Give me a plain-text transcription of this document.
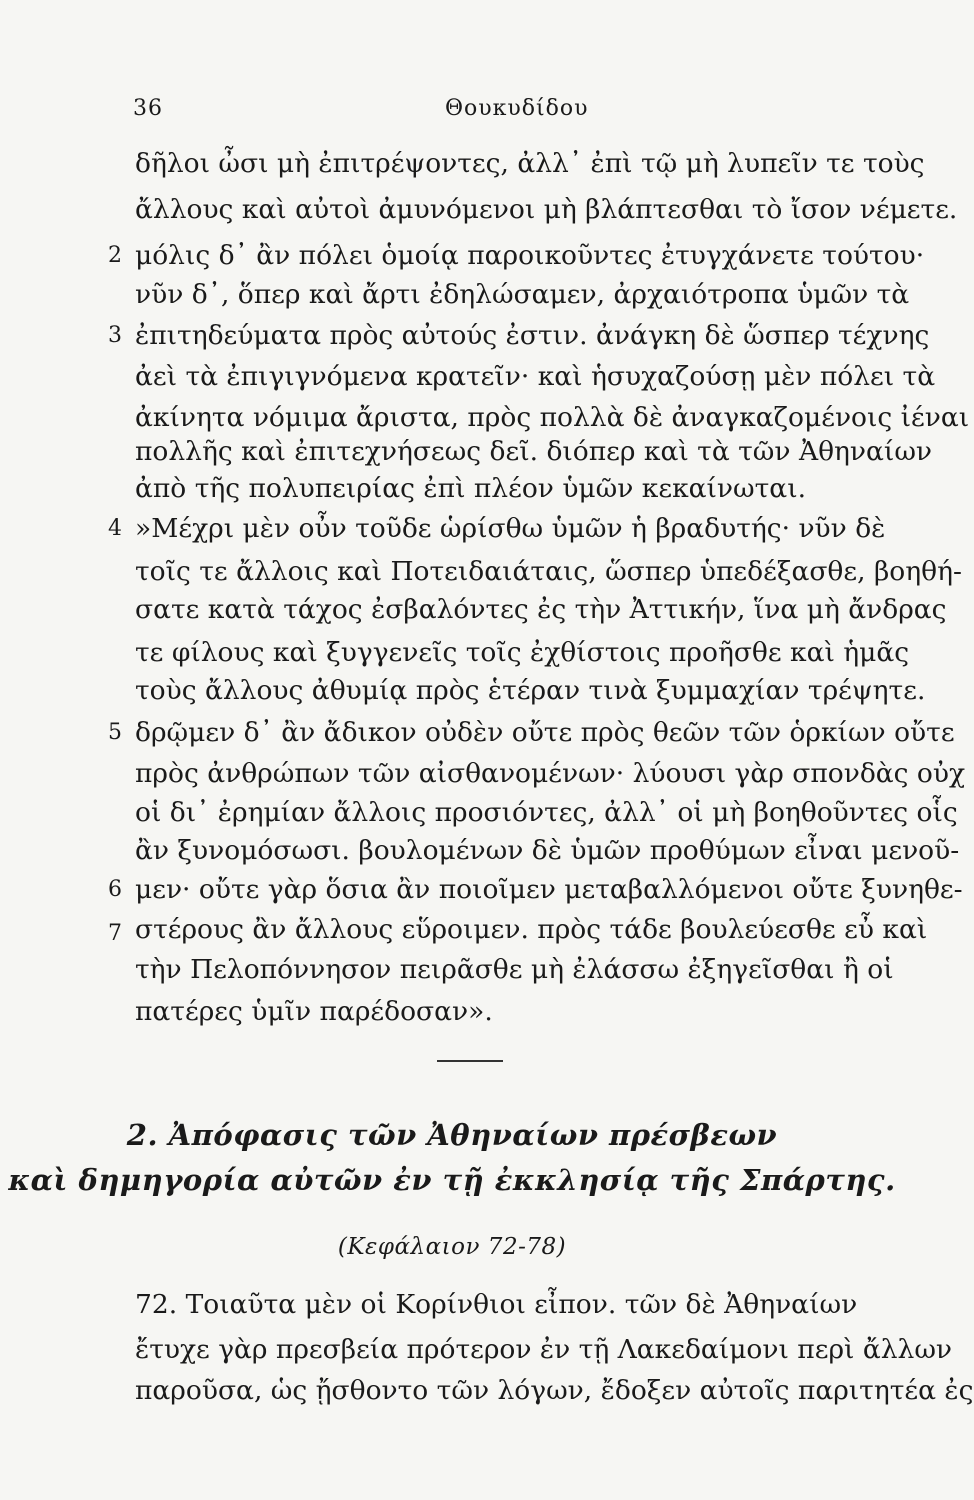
36	Θουκυδίδου
δῆλοι ὦσι μὴ ἐπιτρέψοντες, ἀλλ᾽ ἐπὶ τῷ μὴ λυπεῖν τε τοὺς
ἄλλους καὶ αὐτοὶ ἀμυνόμενοι μὴ βλάπτεσθαι τὸ ἴσον νέμετε.
2 μόλις δ᾽ ἂν πόλει ὁμοίᾳ παροικοῦντες ἐτυγχάνετε τούτου·
νῦν δ᾽, ὅπερ καὶ ἄρτι ἐδηλώσαμεν, ἀρχαιότροπα ὑμῶν τὰ
3 ἐπιτηδεύματα πρὸς αὐτούς ἐστιν. ἀνάγκη δὲ ὥσπερ τέχνης
ἀεὶ τὰ ἐπιγιγνόμενα κρατεῖν· καὶ ἡσυχαζούσῃ μὲν πόλει τὰ
ἀκίνητα νόμιμα ἄριστα, πρὸς πολλὰ δὲ ἀναγκαζομένοις ἰέναι
πολλῆς καὶ ἐπιτεχνήσεως δεῖ. διόπερ καὶ τὰ τῶν Ἀθηναίων
ἀπὸ τῆς πολυπειρίας ἐπὶ πλέον ὑμῶν κεκαίνωται.
4 »Μέχρι μὲν οὖν τοῦδε ὡρίσθω ὑμῶν ἡ βραδυτής· νῦν δὲ
τοῖς τε ἄλλοις καὶ Ποτειδαιάταις, ὥσπερ ὑπεδέξασθε, βοηθή-
σατε κατὰ τάχος ἐσβαλόντες ἐς τὴν Ἀττικήν, ἵνα μὴ ἄνδρας
τε φίλους καὶ ξυγγενεῖς τοῖς ἐχθίστοις προῆσθε καὶ ἡμᾶς
τοὺς ἄλλους ἀθυμίᾳ πρὸς ἑτέραν τινὰ ξυμμαχίαν τρέψητε.
5 δρῷμεν δ᾽ ἂν ἄδικον οὐδὲν οὔτε πρὸς θεῶν τῶν ὁρκίων οὔτε
πρὸς ἀνθρώπων τῶν αἰσθανομένων· λύουσι γὰρ σπονδὰς οὐχ
οἱ δι᾽ ἐρημίαν ἄλλοις προσιόντες, ἀλλ᾽ οἱ μὴ βοηθοῦντες οἷς
ἂν ξυνομόσωσι. βουλομένων δὲ ὑμῶν προθύμων εἶναι μενοῦ-
6 μεν· οὔτε γὰρ ὅσια ἂν ποιοῖμεν μεταβαλλόμενοι οὔτε ξυνηθε-
7 στέρους ἂν ἄλλους εὕροιμεν. πρὸς τάδε βουλεύεσθε εὖ καὶ
τὴν Πελοπόννησον πειρᾶσθε μὴ ἐλάσσω ἐξηγεῖσθαι ἢ οἱ
πατέρες ὑμῖν παρέδοσαν».
2. Ἀπόφασις τῶν Ἀθηναίων πρέσβεων
καὶ δημηγορία αὐτῶν ἐν τῇ ἐκκλησίᾳ τῆς Σπάρτης.
(Κεφάλαιον 72-78)
72. Τοιαῦτα μὲν οἱ Κορίνθιοι εἶπον. τῶν δὲ Ἀθηναίων
ἔτυχε γὰρ πρεσβεία πρότερον ἐν τῇ Λακεδαίμονι περὶ ἄλλων
παροῦσα, ὡς ᾔσθοντο τῶν λόγων, ἔδοξεν αὐτοῖς παριτητέα ἐς
